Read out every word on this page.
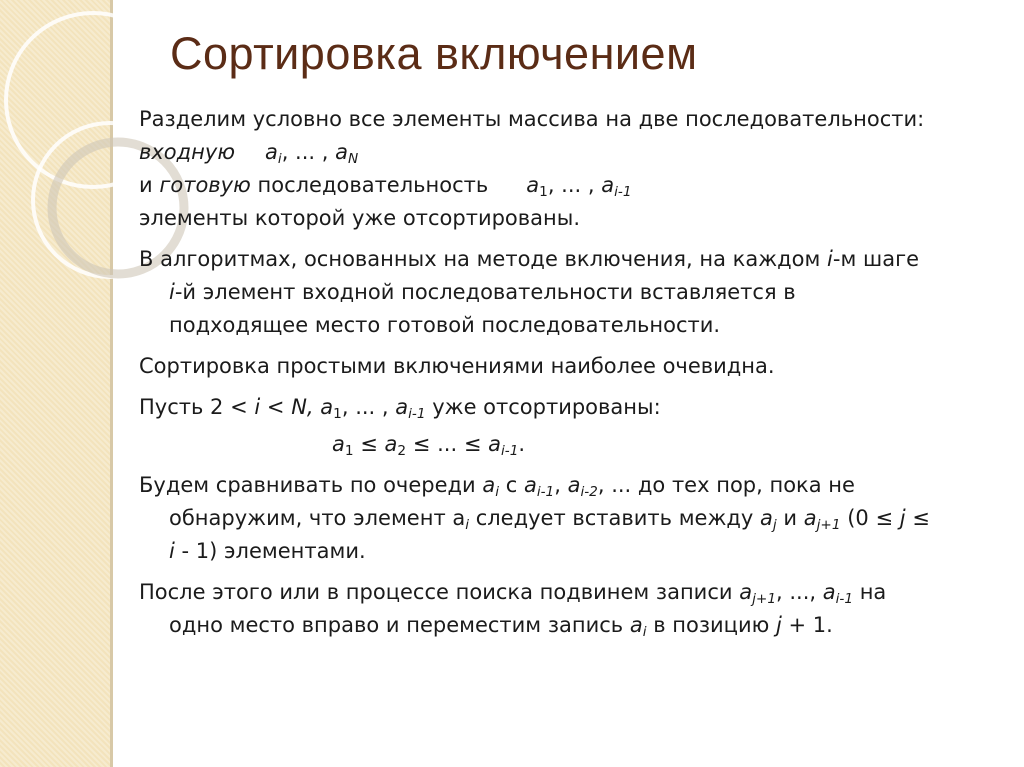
Сортировка включением
Разделим условно все элементы массива на две последовательности:
входную $a_i$, ... , $a_N$
и готовую последовательность $a_1$, ... , $a_{i-1}$
элементы которой уже отсортированы.
В алгоритмах, основанных на методе включения, на каждом i-м шаге
i-й элемент входной последовательности вставляется в
подходящее место готовой последовательности.
Сортировка простыми включениями наиболее очевидна.
Пусть 2 < i < N, $a_1$, ... , $a_{i-1}$ уже отсортированы:
$a_1 \le a_2$ ≤ ... ≤ $a_{i-1}$.
Будем сравнивать по очереди $a_i$ с $a_{i-1}$, $a_{i-2}$, ... до тех пор, пока не
обнаружим, что элемент $a_i$ следует вставить между $a_j$ и $a_{j+1}$ (0 ≤ j ≤
i - 1) элементами.
После этого или в процессе поиска подвинем записи $a_{j+1}$, ..., $a_{i-1}$ на
одно место вправо и переместим запись $a_i$ в позицию j + 1.
